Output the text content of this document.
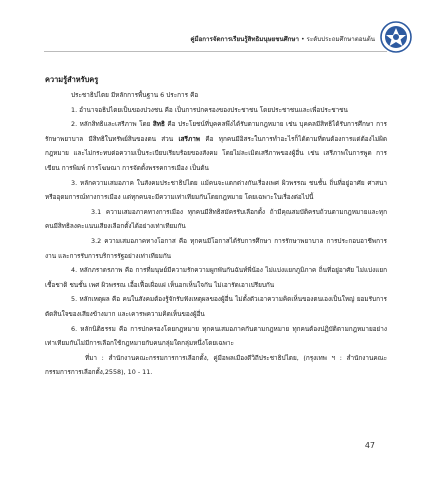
คู่มือการจัดการเรียนรู้สิทธิมนุษยชนศึกษา • ระดับประถมศึกษาตอนต้น
ความรู้สำหรับครู

ประชาธิปไตย มีหลักการพื้นฐาน 6 ประการ คือ

1. อำนาจอธิปไตยเป็นของปวงชน คือ เป็นการปกครองของประชาชน โดยประชาชนและเพื่อประชาชน

2. หลักสิทธิและเสรีภาพ โดย สิทธิ คือ ประโยชน์ที่บุคคลพึงได้รับตามกฎหมาย เช่น บุคคลมีสิทธิได้รับการศึกษา การรักษาพยาบาล มีสิทธิในทรัพย์สินของตน ส่วน เสรีภาพ คือ ทุกคนมีอิสระในการทำอะไรก็ได้ตามที่ตนต้องการแต่ต้องไม่ผิดกฎหมาย และไม่กระทบต่อความเป็นระเบียบเรียบร้อยของสังคม โดยไม่ละเมิดเสรีภาพของผู้อื่น เช่น เสรีภาพในการพูด การเขียน การพิมพ์ การโฆษณา การจัดตั้งพรรคการเมือง เป็นต้น

3. หลักความเสมอภาค ในสังคมประชาธิปไตย แม้คนจะแตกต่างกันเรื่องเพศ ผิวพรรณ ชนชั้น ถิ่นที่อยู่อาศัย ศาสนาหรืออุดมการณ์ทางการเมือง แต่ทุกคนจะมีความเท่าเทียมกันโดยกฎหมาย โดยเฉพาะในเรื่องต่อไปนี้

3.1 ความเสมอภาคทางการเมือง ทุกคนมีสิทธิสมัครรับเลือกตั้ง ถ้ามีคุณสมบัติครบถ้วนตามกฎหมายและทุกคนมีสิทธิลงคะแนนเสียงเลือกตั้งได้อย่างเท่าเทียมกัน

3.2 ความเสมอภาคทางโอกาส คือ ทุกคนมีโอกาสได้รับการศึกษา การรักษาพยาบาล การประกอบอาชีพการงาน และการรับการบริการรัฐอย่างเท่าเทียมกัน

4. หลักภราดรภาพ คือ การที่มนุษย์มีความรักความผูกพันกันฉันท์พี่น้อง ไม่แบ่งแยกภูมิภาค ถิ่นที่อยู่อาศัย ไม่แบ่งแยกเชื้อชาติ ชนชั้น เพศ ผิวพรรณ เอื้อเฟื้อเผื่อแผ่ เห็นอกเห็นใจกัน ไม่เอารัดเอาเปรียบกัน

5. หลักเหตุผล คือ คนในสังคมต้องรู้จักรับฟังเหตุผลของผู้อื่น ไม่ตั้งตัวเอาความคิดเห็นของตนเองเป็นใหญ่ ยอมรับการตัดสินใจของเสียงข้างมาก และเคารพความคิดเห็นของผู้อื่น

6. หลักนิติธรรม คือ การปกครองโดยกฎหมาย ทุกคนเสมอภาคกันตามกฎหมาย ทุกคนต้องปฏิบัติตามกฎหมายอย่างเท่าเทียมกันไม่มีการเลือกใช้กฎหมายกับคนกลุ่มใดกลุ่มหนึ่งโดยเฉพาะ

ที่มา : สำนักงานคณะกรรมการการเลือกตั้ง, คู่มือพลเมืองดีวิถีประชาธิปไตย, (กรุงเทพ ฯ : สำนักงานคณะกรรมการการเลือกตั้ง,2558), 10 - 11.

47
